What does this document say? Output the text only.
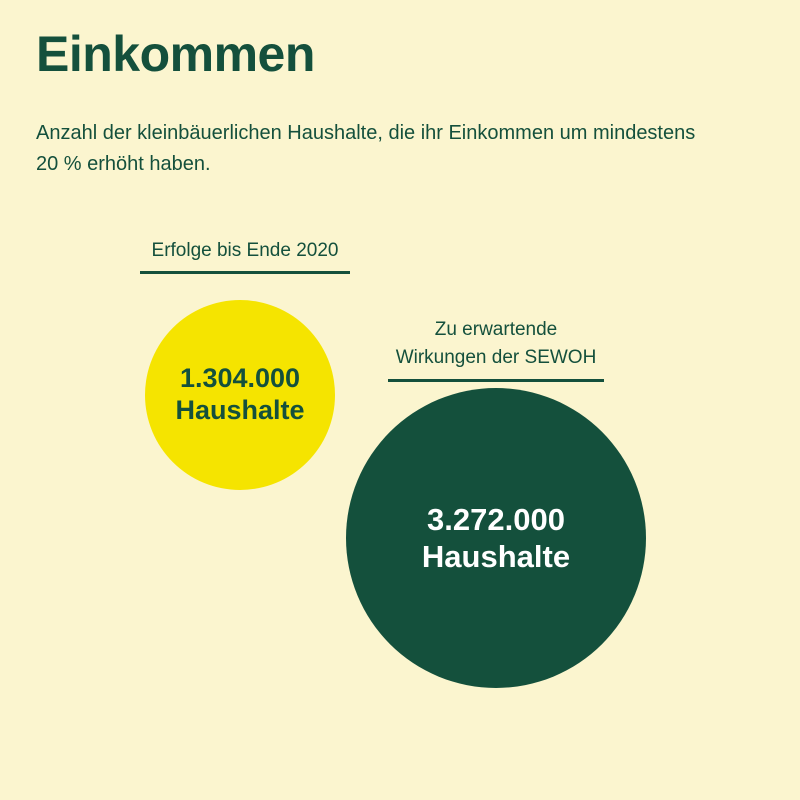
Einkommen
Anzahl der kleinbäuerlichen Haushalte, die ihr Einkommen um mindestens 20 % erhöht haben.
Erfolge bis Ende 2020
1.304.000
Haushalte
Zu erwartende
Wirkungen der SEWOH
3.272.000
Haushalte
